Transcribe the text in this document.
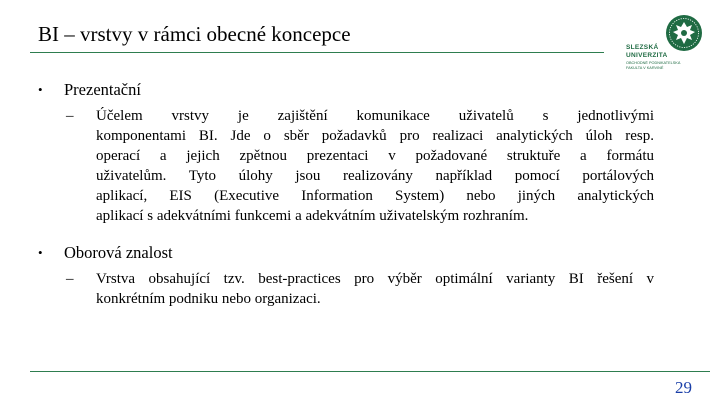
BI – vrstvy v rámci obecné koncepce
SLEZSKÁ
UNIVERZITA
OBCHODNĚ PODNIKATELSKÁ
FAKULTA V KARVINÉ
• Prezentační
– Účelem vrstvy je zajištění komunikace uživatelů s jednotlivými
komponentami BI. Jde o sběr požadavků pro realizaci analytických úloh resp.
operací a jejich zpětnou prezentaci v požadované struktuře a formátu
uživatelům. Tyto úlohy jsou realizovány například pomocí portálových
aplikací, EIS (Executive Information System) nebo jiných analytických
aplikací s adekvátními funkcemi a adekvátním uživatelským rozhraním.
• Oborová znalost
– Vrstva obsahující tzv. best-practices pro výběr optimální varianty BI řešení v
konkrétním podniku nebo organizaci.
29
